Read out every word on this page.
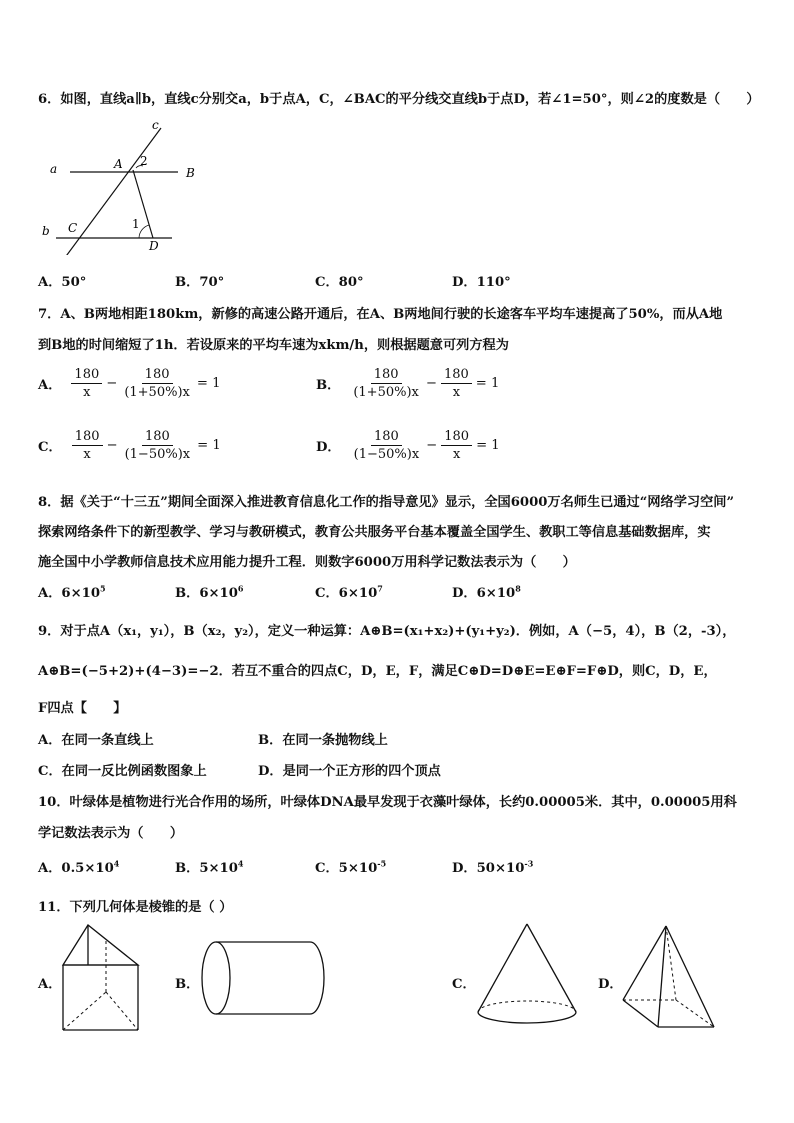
6．如图，直线a∥b，直线c分别交a，b于点A，C，∠BAC的平分线交直线b于点D，若∠1=50°，则∠2的度数是（　　）
a
b
c
A
B
C
D
1
2
A．50°	B．70°	C．80°	D．110°
7．A、B两地相距180km，新修的高速公路开通后，在A、B两地间行驶的长途客车平均车速提高了50%，而从A地
到B地的时间缩短了1h．若设原来的平均车速为xkm/h，则根据题意可列方程为
A． $\frac{180}{x} - \frac{180}{(1+50\%)x} = 1$	B． $\frac{180}{(1+50\%)x} - \frac{180}{x} = 1$
C． $\frac{180}{x} - \frac{180}{(1-50\%)x} = 1$	D． $\frac{180}{(1-50\%)x} - \frac{180}{x} = 1$
8．据《关于“十三五”期间全面深入推进教育信息化工作的指导意见》显示，全国6000万名师生已通过“网络学习空间”
探索网络条件下的新型教学、学习与教研模式，教育公共服务平台基本覆盖全国学生、教职工等信息基础数据库，实
施全国中小学教师信息技术应用能力提升工程．则数字6000万用科学记数法表示为（　　）
A．$6\times 10^5$	B．$6\times 10^6$	C．$6\times 10^7$	D．$6\times 10^8$
9．对于点A（x₁，y₁），B（x₂，y₂），定义一种运算：A⊕B=(x₁+x₂)+(y₁+y₂)．例如，A（−5，4），B（2，-3），
A⊕B=(−5+2)+(4−3)=−2．若互不重合的四点C，D，E，F，满足C⊕D=D⊕E=E⊕F=F⊕D，则C，D，E，
F四点【　　】
A．在同一条直线上	B．在同一条抛物线上
C．在同一反比例函数图象上	D．是同一个正方形的四个顶点
10．叶绿体是植物进行光合作用的场所，叶绿体DNA最早发现于衣藻叶绿体，长约0.00005米．其中，0.00005用科
学记数法表示为（　　）
A．$0.5\times 10^4$	B．$5\times 10^4$	C．$5\times 10^{-5}$	D．$50\times 10^{-3}$
11．下列几何体是棱锥的是（ ）
A．	B．	C．	D．
